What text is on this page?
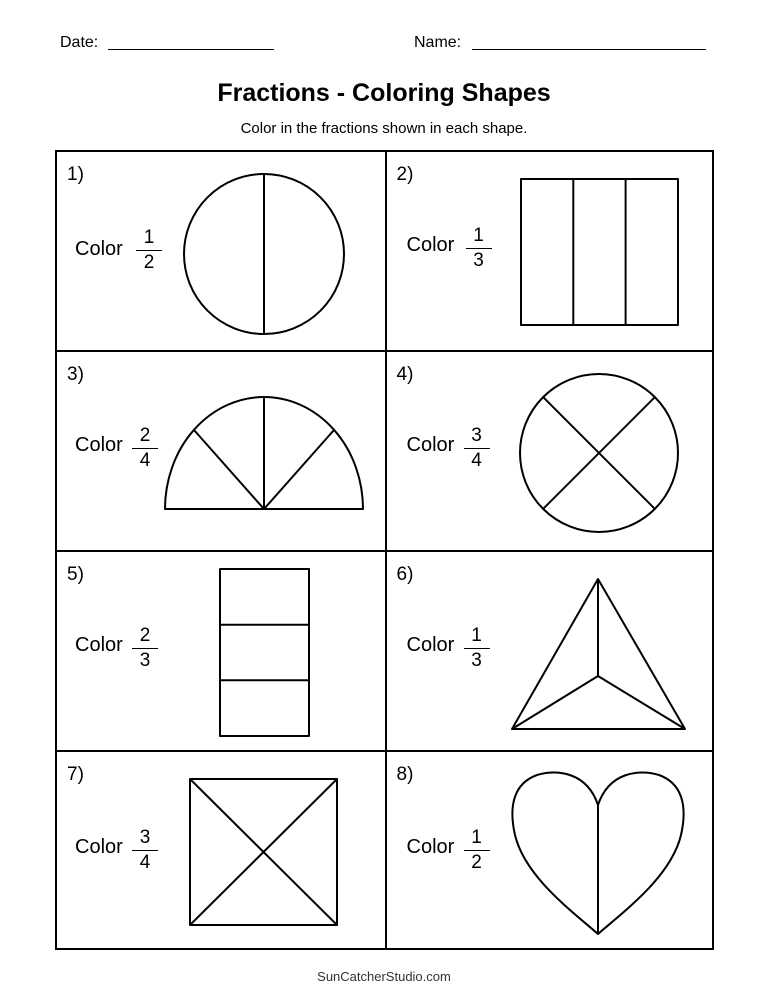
Date:	Name:
Fractions - Coloring Shapes
Color in the fractions shown in each shape.
1)
Color
1
2
2)
Color 1
3
3)
Color 2
4
4)
Color 3
4
5)
Color 2
3
6)
Color 1
3
7)
Color 3
4
8)
Color 1
2
SunCatcherStudio.com
